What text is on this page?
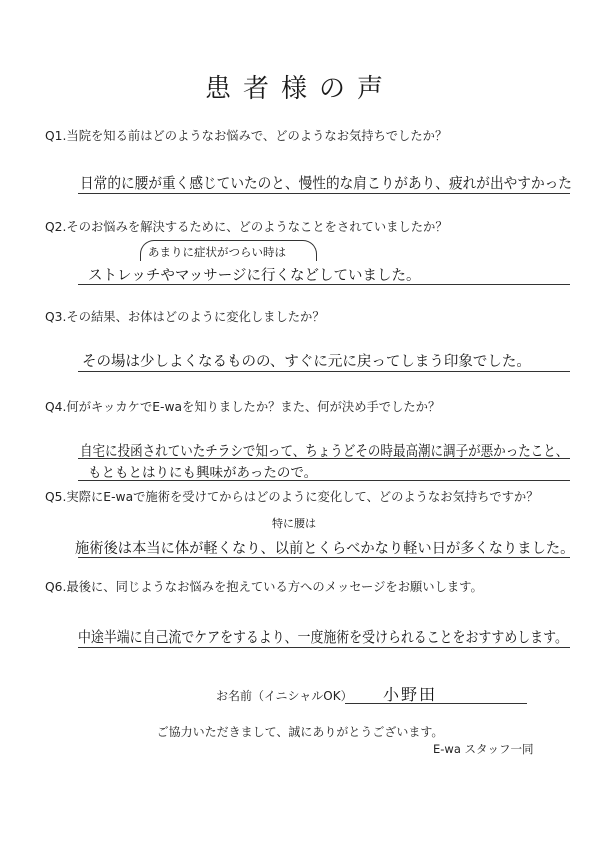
患者様の声
Q1.当院を知る前はどのようなお悩みで、どのようなお気持ちでしたか？
日常的に腰が重く感じていたのと、慢性的な肩こりがあり、疲れが出やすかった
Q2.そのお悩みを解決するために、どのようなことをされていましたか？
あまりに症状がつらい時は
ストレッチやマッサージに行くなどしていました。
Q3.その結果、お体はどのように変化しましたか？
その場は少しよくなるものの、すぐに元に戻ってしまう印象でした。
Q4.何がキッカケでE-waを知りましたか？また、何が決め手でしたか？
自宅に投函されていたチラシで知って、ちょうどその時最高潮に調子が悪かったこと、
もともとはりにも興味があったので。
Q5.実際にE-waで施術を受けてからはどのように変化して、どのようなお気持ちですか？
特に腰は
施術後は本当に体が軽くなり、以前とくらべかなり軽い日が多くなりました。
Q6.最後に、同じようなお悩みを抱えている方へのメッセージをお願いします。
中途半端に自己流でケアをするより、一度施術を受けられることをおすすめします。
お名前（イニシャルOK） 小野田
ご協力いただきまして、誠にありがとうございます。
E-wa スタッフ一同
